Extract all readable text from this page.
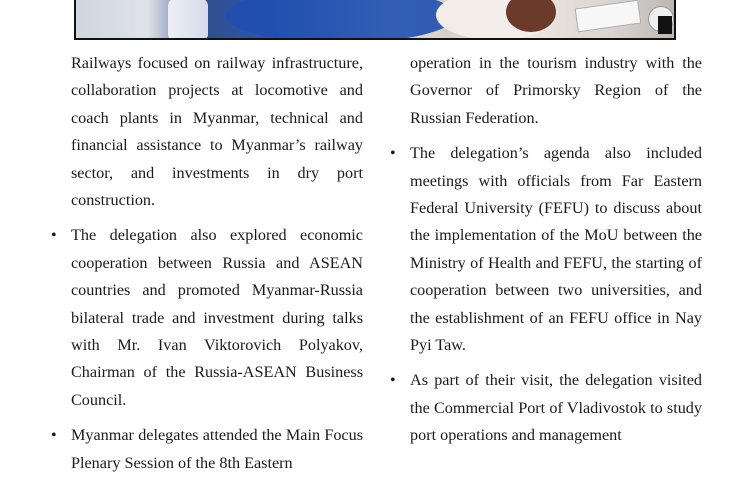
Railways focused on railway infrastructure, collaboration projects at locomotive and coach plants in Myanmar, technical and financial assistance to Myanmar’s railway sector, and investments in dry port construction.

• The delegation also explored economic cooperation between Russia and ASEAN countries and promoted Myanmar-Russia bilateral trade and investment during talks with Mr. Ivan Viktorovich Polyakov, Chairman of the Russia-ASEAN Business Council.
• Myanmar delegates attended the Main Focus Plenary Session of the 8th Eastern

operation in the tourism industry with the Governor of Primorsky Region of the Russian Federation.

• The delegation’s agenda also included meetings with officials from Far Eastern Federal University (FEFU) to discuss about the implementation of the MoU between the Ministry of Health and FEFU, the starting of cooperation between two universities, and the establishment of an FEFU office in Nay Pyi Taw.
• As part of their visit, the delegation visited the Commercial Port of Vladivostok to study port operations and management
